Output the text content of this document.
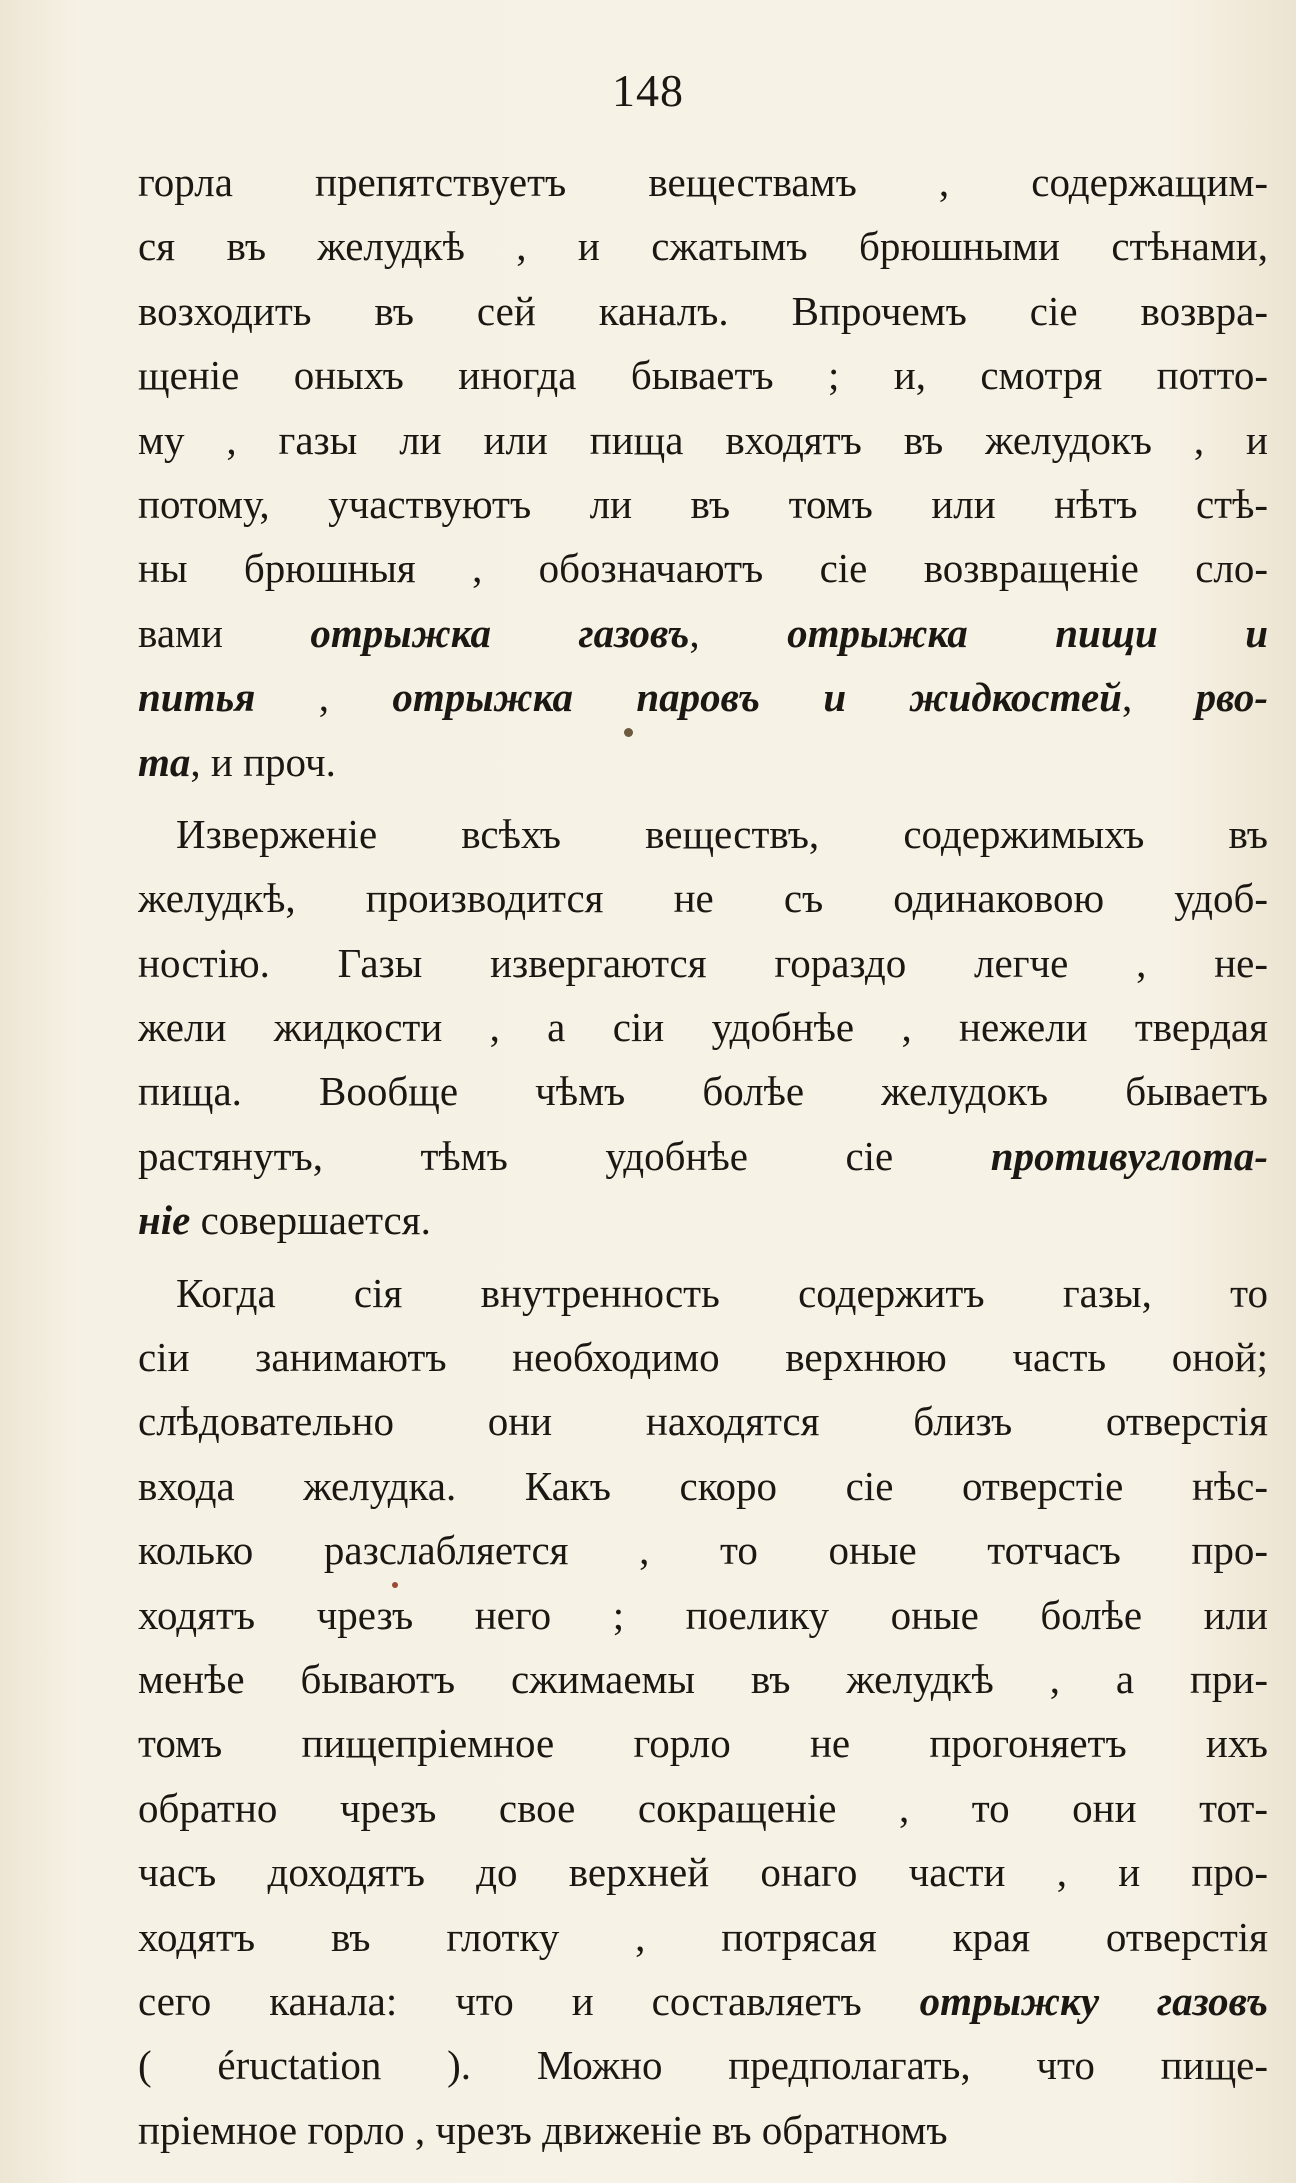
148
горла препятствуетъ веществамъ , содержащим-
ся въ желудкѣ , и сжатымъ брюшными стѣнами,
возходить въ сей каналъ. Впрочемъ сіе возвра-
щеніе оныхъ иногда бываетъ ; и, смотря потто-
му , газы ли или пища входятъ въ желудокъ , и
потому, участвуютъ ли въ томъ или нѣтъ стѣ-
ны брюшныя , обозначаютъ сіе возвращеніе сло-
вами отрыжка газовъ, отрыжка пищи и
питья , отрыжка паровъ и жидкостей, рво-
та, и проч.
Изверженіе всѣхъ веществъ, содержимыхъ въ
желудкѣ, производится не съ одинаковою удоб-
ностію. Газы извергаются гораздо легче , не-
жели жидкости , а сіи удобнѣе , нежели твердая
пища. Вообще чѣмъ болѣе желудокъ бываетъ
растянутъ, тѣмъ удобнѣе сіе противуглота-
ніе совершается.
Когда сія внутренность содержитъ газы, то
сіи занимаютъ необходимо верхнюю часть оной;
слѣдовательно они находятся близъ отверстія
входа желудка. Какъ скоро сіе отверстіе нѣс-
колько разслабляется , то оные тотчасъ про-
ходятъ чрезъ него ; поелику оные болѣе или
менѣе бываютъ сжимаемы въ желудкѣ , а при-
томъ пищепріемное горло не прогоняетъ ихъ
обратно чрезъ свое сокращеніе , то они тот-
часъ доходятъ до верхней онаго части , и про-
ходятъ въ глотку , потрясая края отверстія
сего канала: что и составляетъ отрыжку газовъ
( éructation ). Можно предполагать, что пище-
пріемное горло , чрезъ движеніе въ обратномъ
